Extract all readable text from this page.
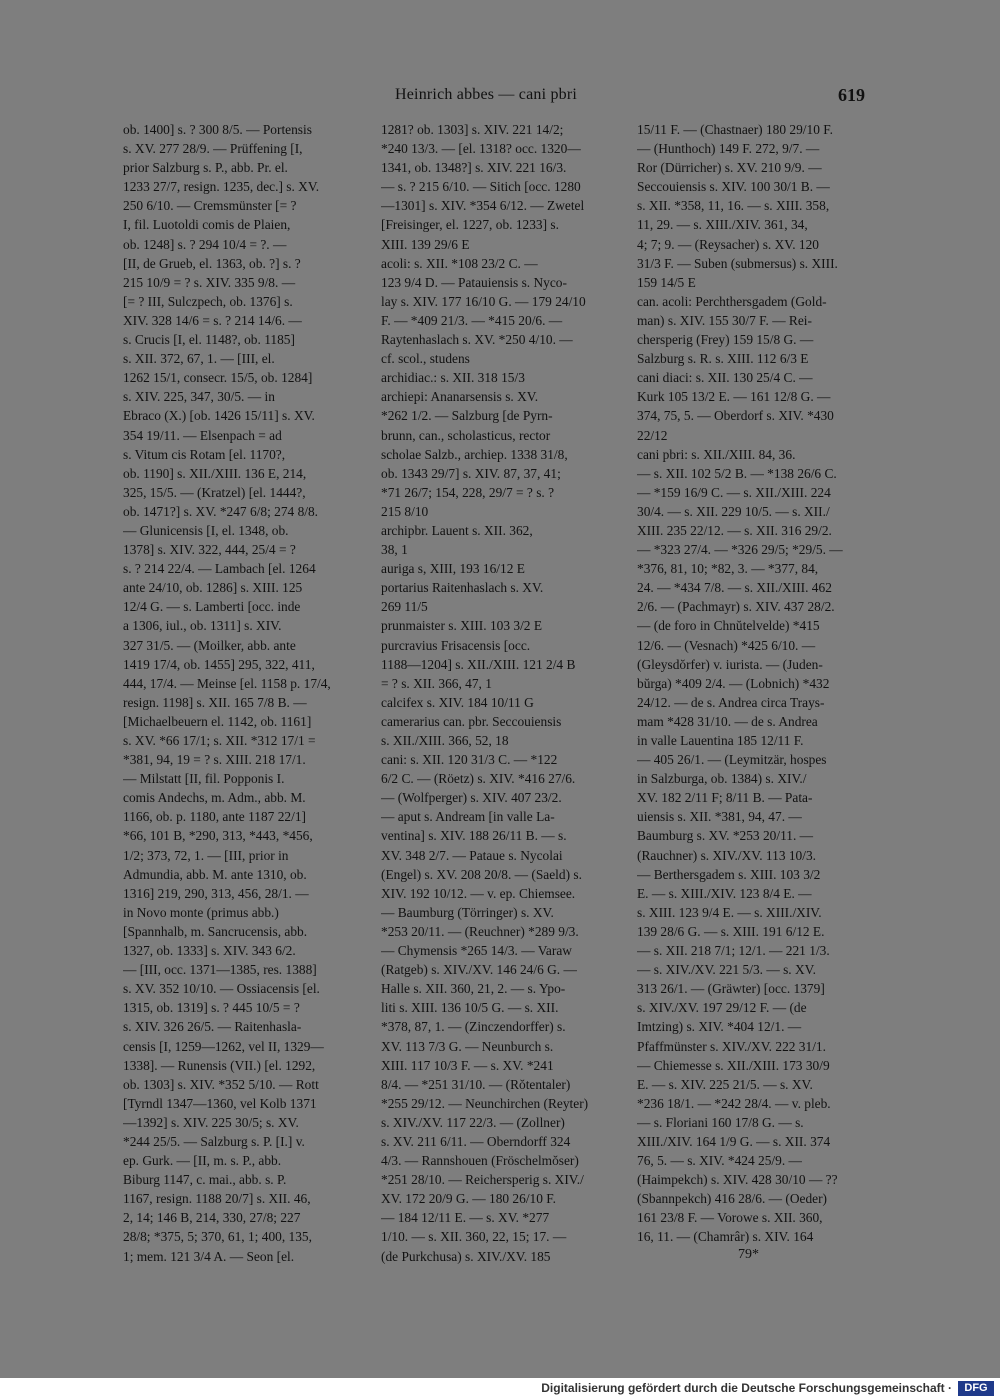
Heinrich abbes — cani pbri	619
ob. 1400] s. ? 300 8/5. — Portensis
s. XV. 277 28/9. — Prüffening [I,
prior Salzburg s. P., abb. Pr. el.
1233 27/7, resign. 1235, dec.] s. XV.
250 6/10. — Cremsmünster [= ?
I, fil. Luotoldi comis de Plaien,
ob. 1248] s. ? 294 10/4 = ?. —
[II, de Grueb, el. 1363, ob. ?] s. ?
215 10/9 = ? s. XIV. 335 9/8. —
[= ? III, Sulczpech, ob. 1376] s.
XIV. 328 14/6 = s. ? 214 14/6. —
s. Crucis [I, el. 1148?, ob. 1185]
s. XII. 372, 67, 1. — [III, el.
1262 15/1, consecr. 15/5, ob. 1284]
s. XIV. 225, 347, 30/5. — in
Ebraco (X.) [ob. 1426 15/11] s. XV.
354 19/11. — Elsenpach = ad
s. Vitum cis Rotam [el. 1170?,
ob. 1190] s. XII./XIII. 136 E, 214,
325, 15/5. — (Kratzel) [el. 1444?,
ob. 1471?] s. XV. *247 6/8; 274 8/8.
— Glunicensis [I, el. 1348, ob.
1378] s. XIV. 322, 444, 25/4 = ?
s. ? 214 22/4. — Lambach [el. 1264
ante 24/10, ob. 1286] s. XIII. 125
12/4 G. — s. Lamberti [occ. inde
a 1306, iul., ob. 1311] s. XIV.
327 31/5. — (Moilker, abb. ante
1419 17/4, ob. 1455] 295, 322, 411,
444, 17/4. — Meinse [el. 1158 p. 17/4,
resign. 1198] s. XII. 165 7/8 B. —
[Michaelbeuern el. 1142, ob. 1161]
s. XV. *66 17/1; s. XII. *312 17/1 =
*381, 94, 19 = ? s. XIII. 218 17/1.
— Milstatt [II, fil. Popponis I.
comis Andechs, m. Adm., abb. M.
1166, ob. p. 1180, ante 1187 22/1]
*66, 101 B, *290, 313, *443, *456,
1/2; 373, 72, 1. — [III, prior in
Admundia, abb. M. ante 1310, ob.
1316] 219, 290, 313, 456, 28/1. —
in Novo monte (primus abb.)
[Spannhalb, m. Sancrucensis, abb.
1327, ob. 1333] s. XIV. 343 6/2.
— [III, occ. 1371—1385, res. 1388]
s. XV. 352 10/10. — Ossiacensis [el.
1315, ob. 1319] s. ? 445 10/5 = ?
s. XIV. 326 26/5. — Raitenhasla-
censis [I, 1259—1262, vel II, 1329—
1338]. — Runensis (VII.) [el. 1292,
ob. 1303] s. XIV. *352 5/10. — Rott
[Tyrndl 1347—1360, vel Kolb 1371
—1392] s. XIV. 225 30/5; s. XV.
*244 25/5. — Salzburg s. P. [I.] v.
ep. Gurk. — [II, m. s. P., abb.
Biburg 1147, c. mai., abb. s. P.
1167, resign. 1188 20/7] s. XII. 46,
2, 14; 146 B, 214, 330, 27/8; 227
28/8; *375, 5; 370, 61, 1; 400, 135,
1; mem. 121 3/4 A. — Seon [el.
1281? ob. 1303] s. XIV. 221 14/2;
*240 13/3. — [el. 1318? occ. 1320—
1341, ob. 1348?] s. XIV. 221 16/3.
— s. ? 215 6/10. — Sitich [occ. 1280
—1301] s. XIV. *354 6/12. — Zwetel
[Freisinger, el. 1227, ob. 1233] s.
XIII. 139 29/6 E
acoli: s. XII. *108 23/2 C. —
123 9/4 D. — Patauiensis s. Nyco-
lay s. XIV. 177 16/10 G. — 179 24/10
F. — *409 21/3. — *415 20/6. —
Raytenhaslach s. XV. *250 4/10. —
cf. scol., studens
archidiac.: s. XII. 318 15/3
archiepi: Ananarsensis s. XV.
*262 1/2. — Salzburg [de Pyrn-
brunn, can., scholasticus, rector
scholae Salzb., archiep. 1338 31/8,
ob. 1343 29/7] s. XIV. 87, 37, 41;
*71 26/7; 154, 228, 29/7 = ? s. ?
215 8/10
archipbr. Lauent s. XII. 362,
38, 1
auriga s, XIII, 193 16/12 E
portarius Raitenhaslach s. XV.
269 11/5
prunmaister s. XIII. 103 3/2 E
purcravius Frisacensis [occ.
1188—1204] s. XII./XIII. 121 2/4 B
= ? s. XII. 366, 47, 1
calcifex s. XIV. 184 10/11 G
camerarius can. pbr. Seccouiensis
s. XII./XIII. 366, 52, 18
cani: s. XII. 120 31/3 C. — *122
6/2 C. — (Röetz) s. XIV. *416 27/6.
— (Wolfperger) s. XIV. 407 23/2.
— aput s. Andream [in valle La-
ventina] s. XIV. 188 26/11 B. — s.
XV. 348 2/7. — Pataue s. Nycolai
(Engel) s. XV. 208 20/8. — (Saeld) s.
XIV. 192 10/12. — v. ep. Chiemsee.
— Baumburg (Törringer) s. XV.
*253 20/11. — (Reuchner) *289 9/3.
— Chymensis *265 14/3. — Varaw
(Ratgeb) s. XIV./XV. 146 24/6 G. —
Halle s. XII. 360, 21, 2. — s. Ypo-
liti s. XIII. 136 10/5 G. — s. XII.
*378, 87, 1. — (Zinczendorffer) s.
XV. 113 7/3 G. — Neunburch s.
XIII. 117 10/3 F. — s. XV. *241
8/4. — *251 31/10. — (Rŏtentaler)
*255 29/12. — Neunchirchen (Reyter)
s. XIV./XV. 117 22/3. — (Zollner)
s. XV. 211 6/11. — Oberndorff 324
4/3. — Rannshouen (Fröschelmŏser)
*251 28/10. — Reichersperig s. XIV./
XV. 172 20/9 G. — 180 26/10 F.
— 184 12/11 E. — s. XV. *277
1/10. — s. XII. 360, 22, 15; 17. —
(de Purkchusa) s. XIV./XV. 185
15/11 F. — (Chastnaer) 180 29/10 F.
— (Hunthoch) 149 F. 272, 9/7. —
Ror (Dürricher) s. XV. 210 9/9. —
Seccouiensis s. XIV. 100 30/1 B. —
s. XII. *358, 11, 16. — s. XIII. 358,
11, 29. — s. XIII./XIV. 361, 34,
4; 7; 9. — (Reysacher) s. XV. 120
31/3 F. — Suben (submersus) s. XIII.
159 14/5 E
can. acoli: Perchthersgadem (Gold-
man) s. XIV. 155 30/7 F. — Rei-
chersperig (Frey) 159 15/8 G. —
Salzburg s. R. s. XIII. 112 6/3 E
cani diaci: s. XII. 130 25/4 C. —
Kurk 105 13/2 E. — 161 12/8 G. —
374, 75, 5. — Oberdorf s. XIV. *430
22/12
cani pbri: s. XII./XIII. 84, 36.
— s. XII. 102 5/2 B. — *138 26/6 C.
— *159 16/9 C. — s. XII./XIII. 224
30/4. — s. XII. 229 10/5. — s. XII./
XIII. 235 22/12. — s. XII. 316 29/2.
— *323 27/4. — *326 29/5; *29/5. —
*376, 81, 10; *82, 3. — *377, 84,
24. — *434 7/8. — s. XII./XIII. 462
2/6. — (Pachmayr) s. XIV. 437 28/2.
— (de foro in Chnŭtelvelde) *415
12/6. — (Vesnach) *425 6/10. —
(Gleysdŏrfer) v. iurista. — (Juden-
bŭrga) *409 2/4. — (Lobnich) *432
24/12. — de s. Andrea circa Trays-
mam *428 31/10. — de s. Andrea
in valle Lauentina 185 12/11 F.
— 405 26/1. — (Leymitzär, hospes
in Salzburga, ob. 1384) s. XIV./
XV. 182 2/11 F; 8/11 B. — Pata-
uiensis s. XII. *381, 94, 47. —
Baumburg s. XV. *253 20/11. —
(Rauchner) s. XIV./XV. 113 10/3.
— Berthersgadem s. XIII. 103 3/2
E. — s. XIII./XIV. 123 8/4 E. —
s. XIII. 123 9/4 E. — s. XIII./XIV.
139 28/6 G. — s. XIII. 191 6/12 E.
— s. XII. 218 7/1; 12/1. — 221 1/3.
— s. XIV./XV. 221 5/3. — s. XV.
313 26/1. — (Gräwter) [occ. 1379]
s. XIV./XV. 197 29/12 F. — (de
Imtzing) s. XIV. *404 12/1. —
Pfaffmünster s. XIV./XV. 222 31/1.
— Chiemesse s. XII./XIII. 173 30/9
E. — s. XIV. 225 21/5. — s. XV.
*236 18/1. — *242 28/4. — v. pleb.
— s. Floriani 160 17/8 G. — s.
XIII./XIV. 164 1/9 G. — s. XII. 374
76, 5. — s. XIV. *424 25/9. —
(Haimpekch) s. XIV. 428 30/10 — ??
(Sbannpekch) 416 28/6. — (Oeder)
161 23/8 F. — Vorowe s. XII. 360,
16, 11. — (Chamrâr) s. XIV. 164
79*
Digitalisierung gefördert durch die Deutsche Forschungsgemeinschaft ·	DFG
